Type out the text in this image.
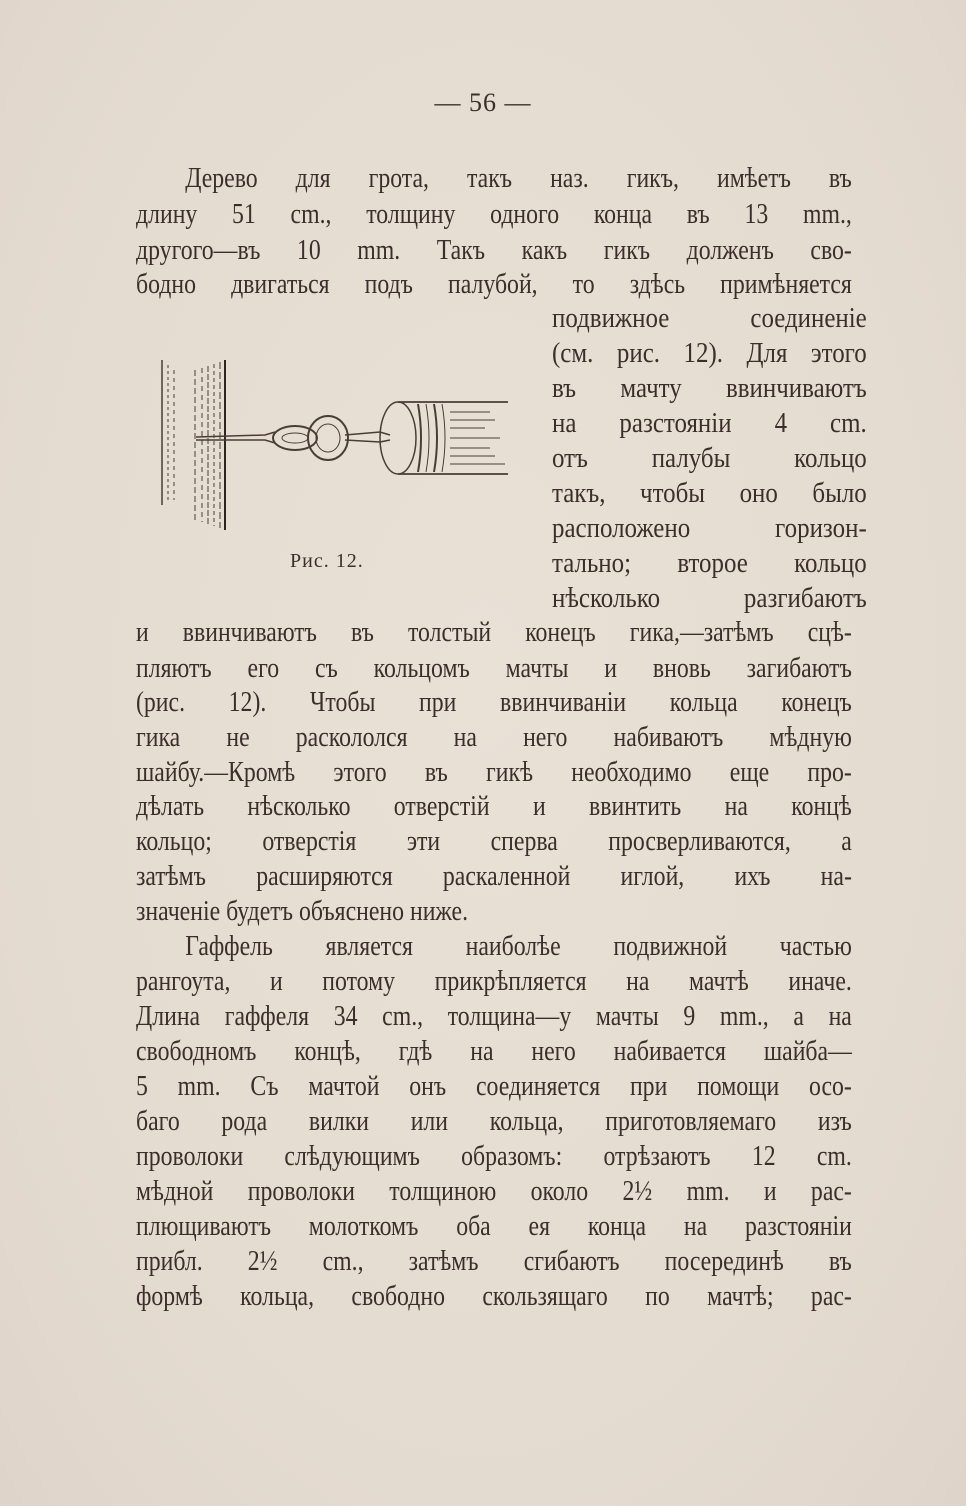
— 56 —
Дерево для грота, такъ наз. гикъ, имѣетъ въ
длину 51 cm., толщину одного конца въ 13 mm.,
другого—въ 10 mm. Такъ какъ гикъ долженъ сво-
бодно двигаться подъ палубой, то здѣсь примѣняется
подвижное соединенiе
(см. рис. 12). Для этого
въ мачту ввинчиваютъ
на разстоянiи 4 cm.
отъ палубы кольцо
такъ, чтобы оно было
расположено горизон-
тально; второе кольцо
нѣсколько разгибаютъ
Рис. 12.
и ввинчиваютъ въ толстый конецъ гика,—затѣмъ сцѣ-
пляютъ его съ кольцомъ мачты и вновь загибаютъ
(рис. 12). Чтобы при ввинчиванiи кольца конецъ
гика не раскололся на него набиваютъ мѣдную
шайбу.—Кромѣ этого въ гикѣ необходимо еще про-
дѣлать нѣсколько отверстiй и ввинтить на концѣ
кольцо; отверстiя эти сперва просверливаются, а
затѣмъ расширяются раскаленной иглой, ихъ на-
значенiе будетъ объяснено ниже.
Гаффель является наиболѣе подвижной частью
рангоута, и потому прикрѣпляется на мачтѣ иначе.
Длина гаффеля 34 cm., толщина—у мачты 9 mm., а на
свободномъ концѣ, гдѣ на него набивается шайба—
5 mm. Съ мачтой онъ соединяется при помощи осо-
баго рода вилки или кольца, приготовляемаго изъ
проволоки слѣдующимъ образомъ: отрѣзаютъ 12 cm.
мѣдной проволоки толщиною около 2½ mm. и рас-
плющиваютъ молоткомъ оба ея конца на разстоянiи
прибл. 2½ cm., затѣмъ сгибаютъ посерединѣ въ
формѣ кольца, свободно скользящаго по мачтѣ; рас-
